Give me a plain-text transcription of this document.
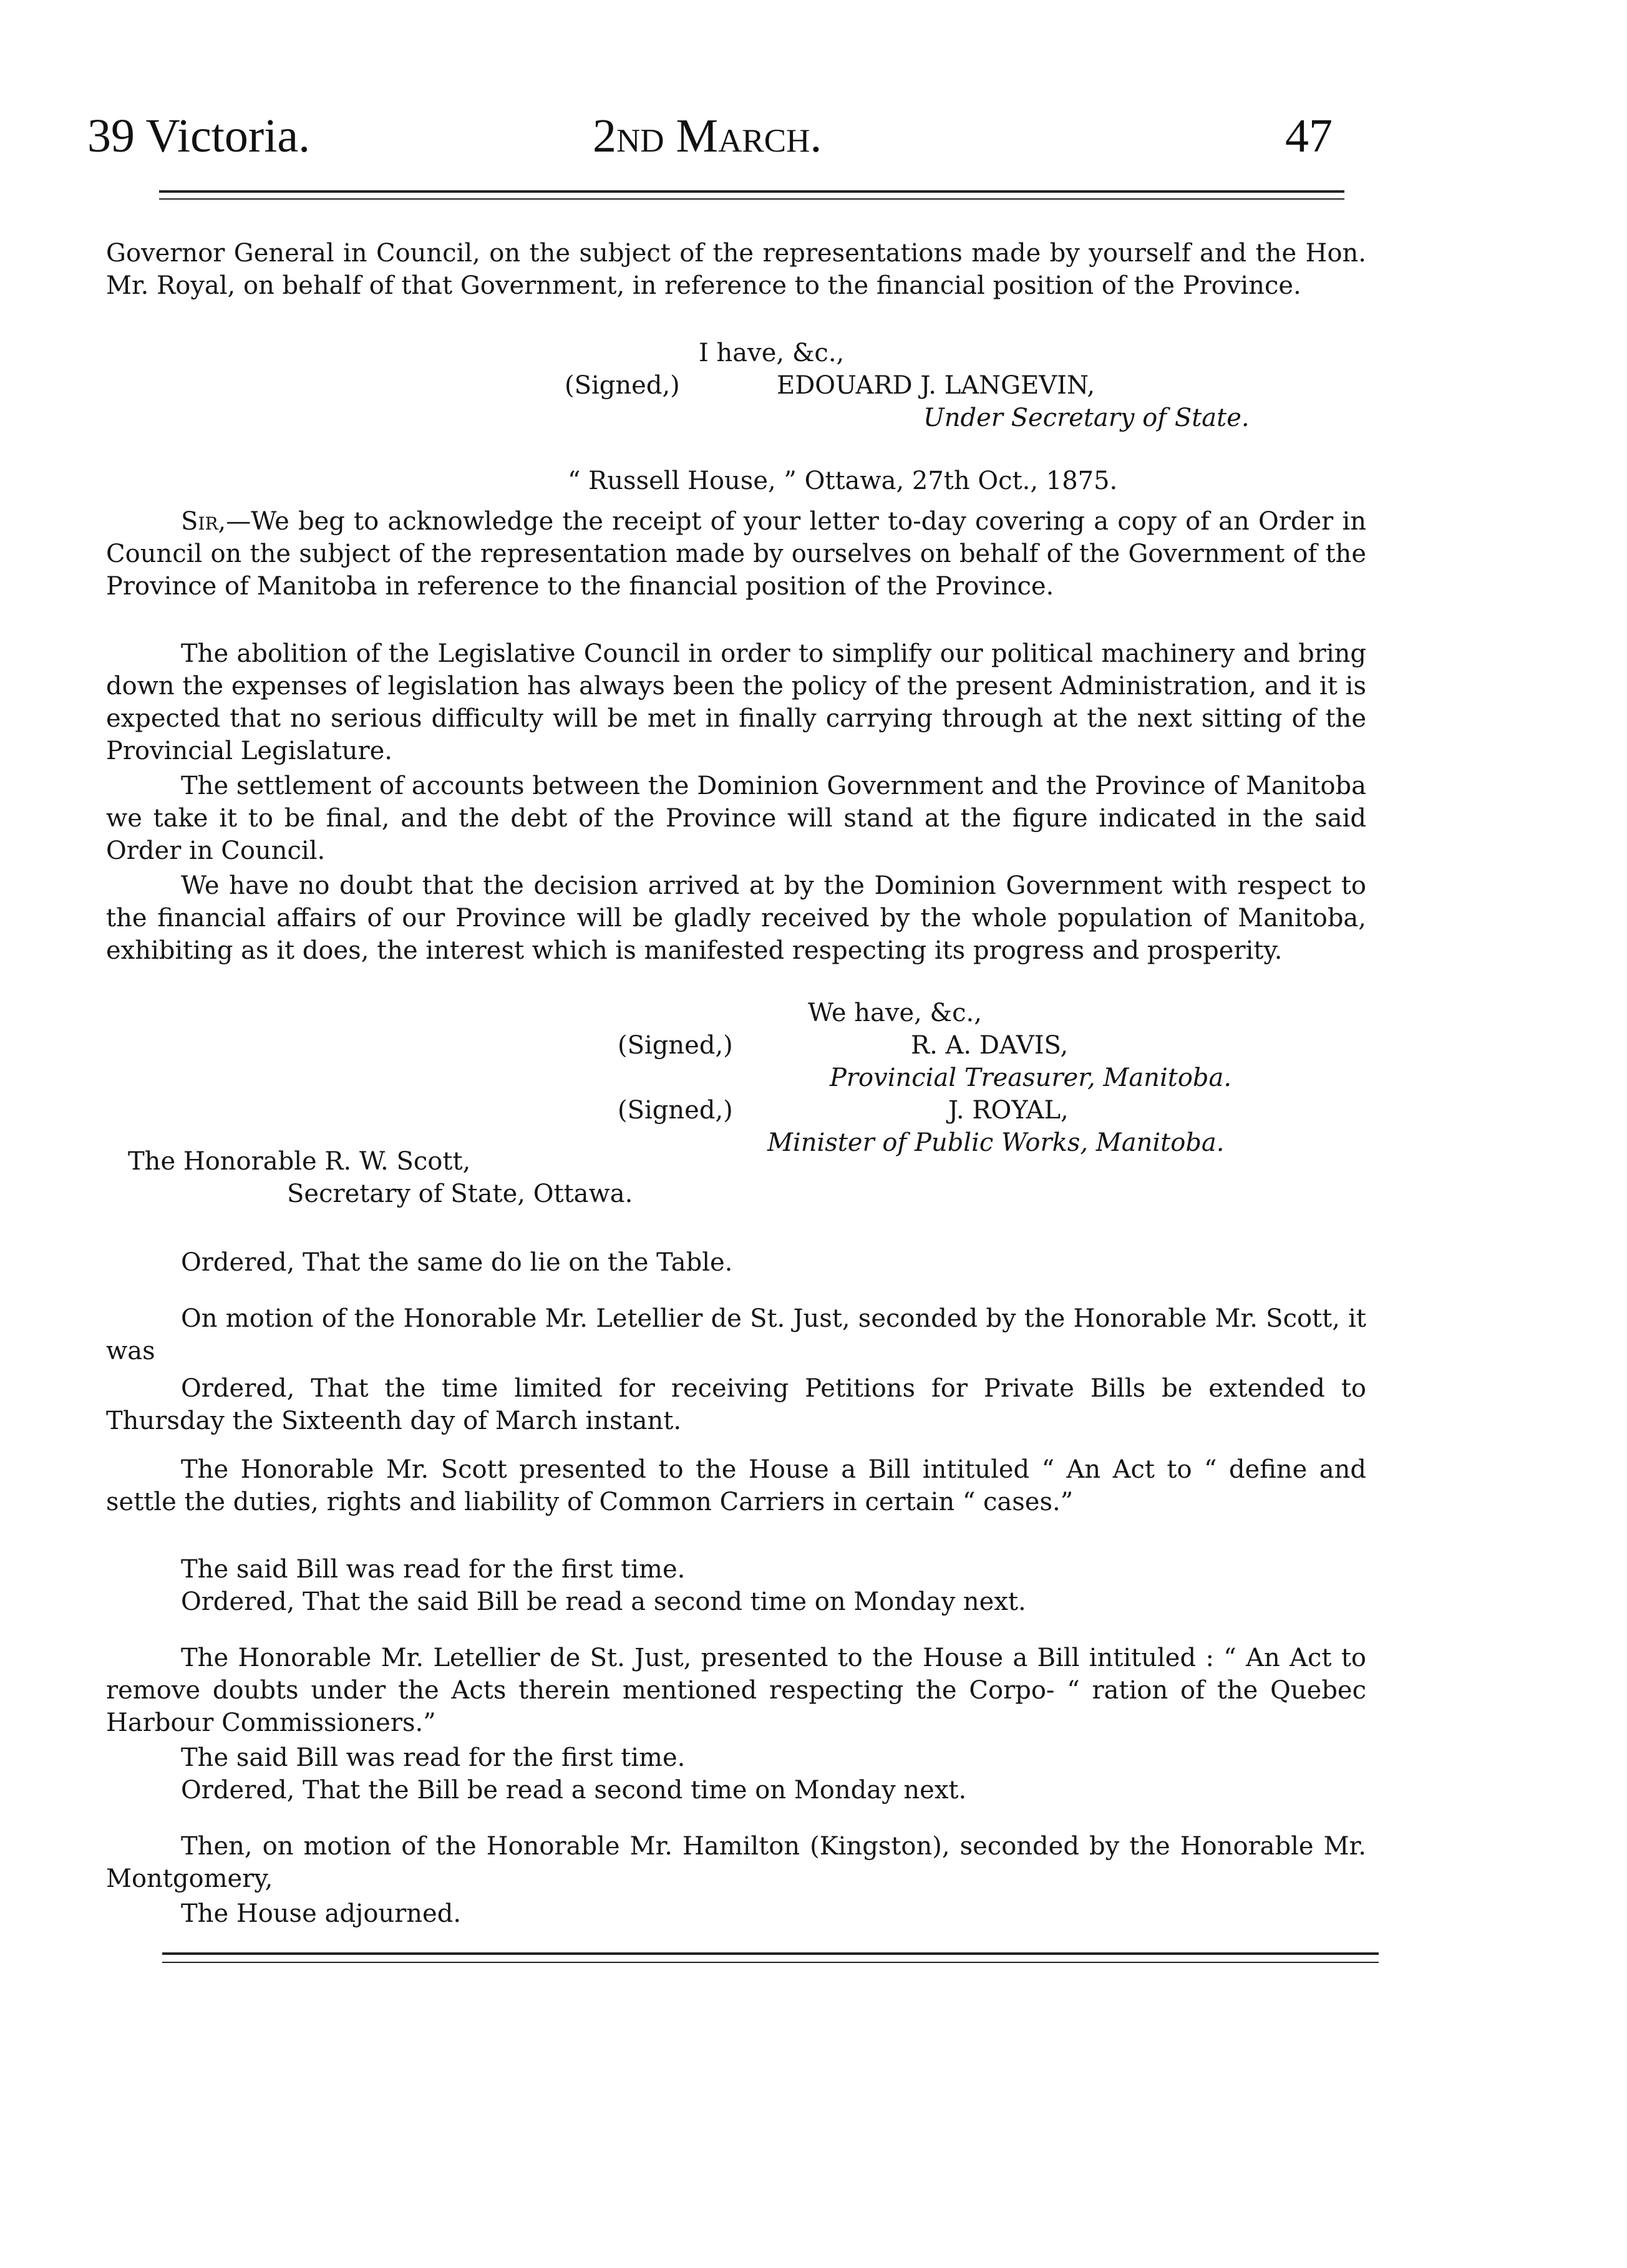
39 Victoria.	2nd March.	47
Governor General in Council, on the subject of the representations made by yourself and the Hon. Mr. Royal, on behalf of that Government, in reference to the financial position of the Province.
I have, &c.,
(Signed,)	EDOUARD J. LANGEVIN,
Under Secretary of State.
“ Russell House, ” Ottawa, 27th Oct., 1875.
Sir,—We beg to acknowledge the receipt of your letter to-day covering a copy of an Order in Council on the subject of the representation made by ourselves on behalf of the Government of the Province of Manitoba in reference to the financial position of the Province.
The abolition of the Legislative Council in order to simplify our political machinery and bring down the expenses of legislation has always been the policy of the present Administration, and it is expected that no serious difficulty will be met in finally carrying through at the next sitting of the Provincial Legislature.
The settlement of accounts between the Dominion Government and the Province of Manitoba we take it to be final, and the debt of the Province will stand at the figure indicated in the said Order in Council.
We have no doubt that the decision arrived at by the Dominion Government with respect to the financial affairs of our Province will be gladly received by the whole population of Manitoba, exhibiting as it does, the interest which is manifested respecting its progress and prosperity.
We have, &c.,
(Signed,)	R. A. DAVIS,
Provincial Treasurer, Manitoba.
(Signed,)	J. ROYAL,
Minister of Public Works, Manitoba.
The Honorable R. W. Scott,
Secretary of State, Ottawa.
Ordered, That the same do lie on the Table.
On motion of the Honorable Mr. Letellier de St. Just, seconded by the Honorable Mr. Scott, it was
Ordered, That the time limited for receiving Petitions for Private Bills be extended to Thursday the Sixteenth day of March instant.
The Honorable Mr. Scott presented to the House a Bill intituled “ An Act to “ define and settle the duties, rights and liability of Common Carriers in certain “ cases.”
The said Bill was read for the first time.
Ordered, That the said Bill be read a second time on Monday next.
The Honorable Mr. Letellier de St. Just, presented to the House a Bill intituled : “ An Act to remove doubts under the Acts therein mentioned respecting the Corpo- “ ration of the Quebec Harbour Commissioners.”
The said Bill was read for the first time.
Ordered, That the Bill be read a second time on Monday next.
Then, on motion of the Honorable Mr. Hamilton (Kingston), seconded by the Honorable Mr. Montgomery,
The House adjourned.
